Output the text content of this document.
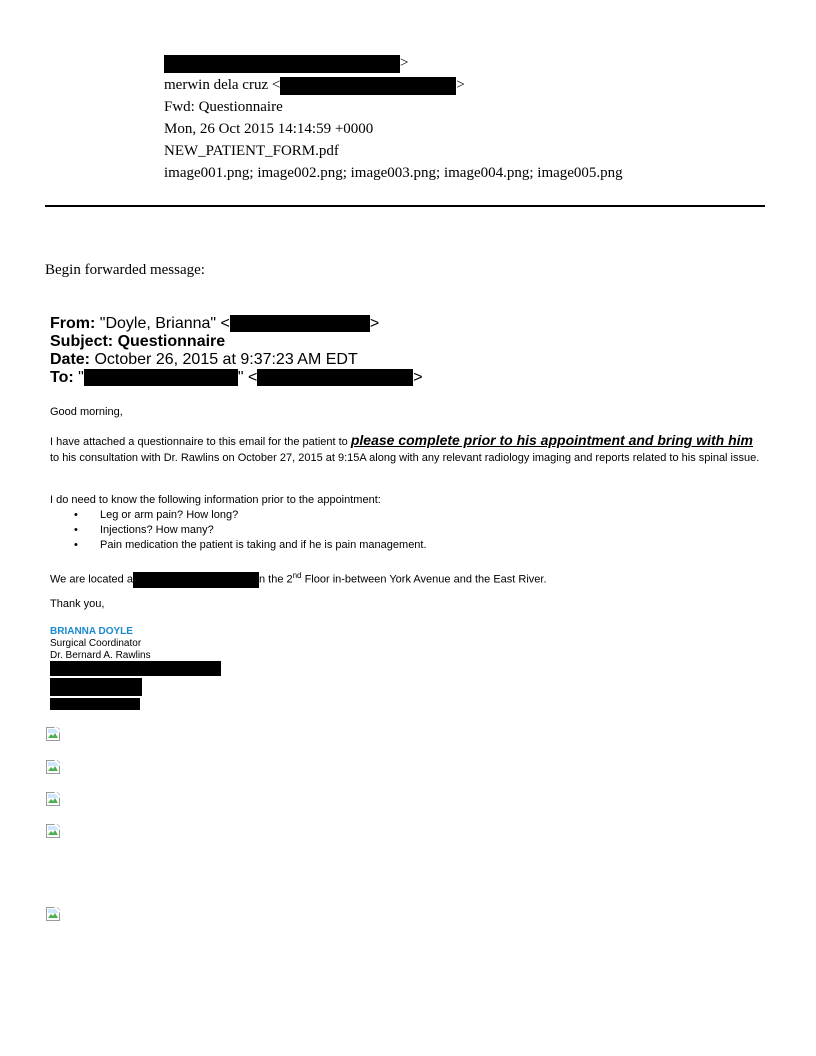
>
merwin dela cruz <	>
Fwd: Questionnaire
Mon, 26 Oct 2015 14:14:59 +0000
NEW_PATIENT_FORM.pdf
image001.png; image002.png; image003.png; image004.png; image005.png
Begin forwarded message:
From: "Doyle, Brianna" <	>
Subject: Questionnaire
Date: October 26, 2015 at 9:37:23 AM EDT
To: "	" <	>
Good morning,
I have attached a questionnaire to this email for the patient to please complete prior to his appointment and bring with him to his consultation with Dr. Rawlins on October 27, 2015 at 9:15A along with any relevant radiology imaging and reports related to his spinal issue.
I do need to know the following information prior to the appointment:
• Leg or arm pain? How long?
• Injections? How many?
• Pain medication the patient is taking and if he is pain management.
We are located a	n the 2nd Floor in-between York Avenue and the East River.
Thank you,
BRIANNA DOYLE
Surgical Coordinator
Dr. Bernard A. Rawlins
